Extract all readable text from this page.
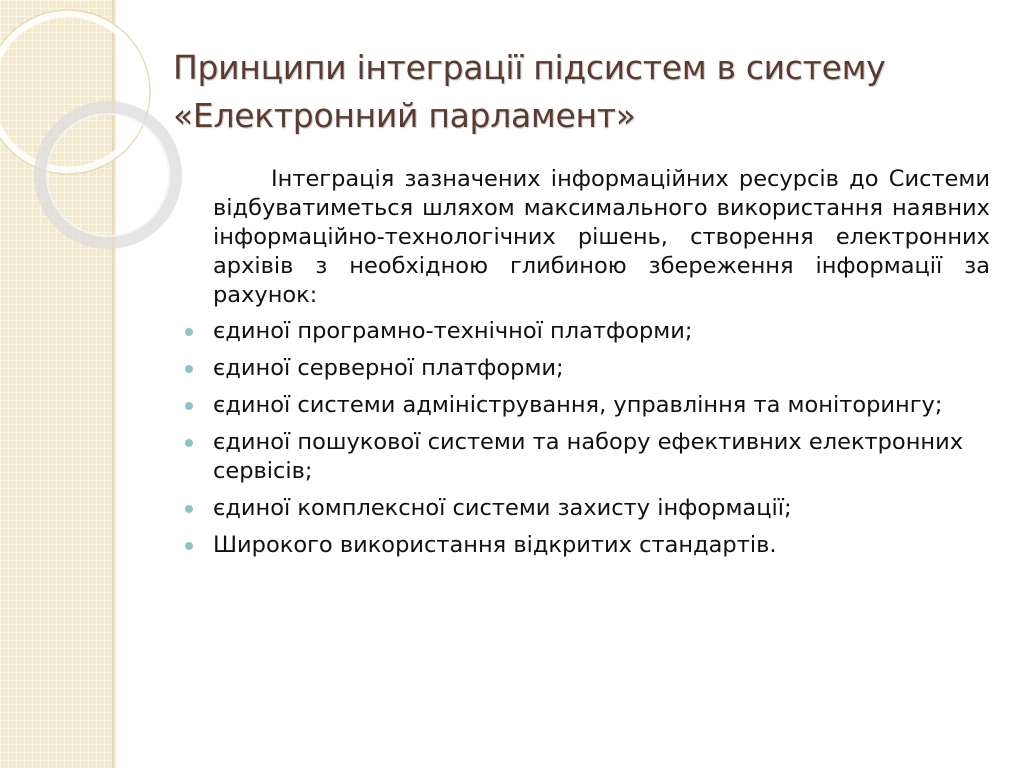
Принципи інтеграції підсистем в систему
«Електронний парламент»

Інтеграція зазначених інформаційних ресурсів до Системи відбуватиметься шляхом максимального використання наявних інформаційно-технологічних рішень, створення електронних архівів з необхідною глибиною збереження інформації за рахунок:

єдиної програмно-технічної платформи;
єдиної серверної платформи;
єдиної системи адміністрування, управління та моніторингу;
єдиної пошукової системи та набору ефективних електронних сервісів;
єдиної комплексної системи захисту інформації;
Широкого використання відкритих стандартів.
